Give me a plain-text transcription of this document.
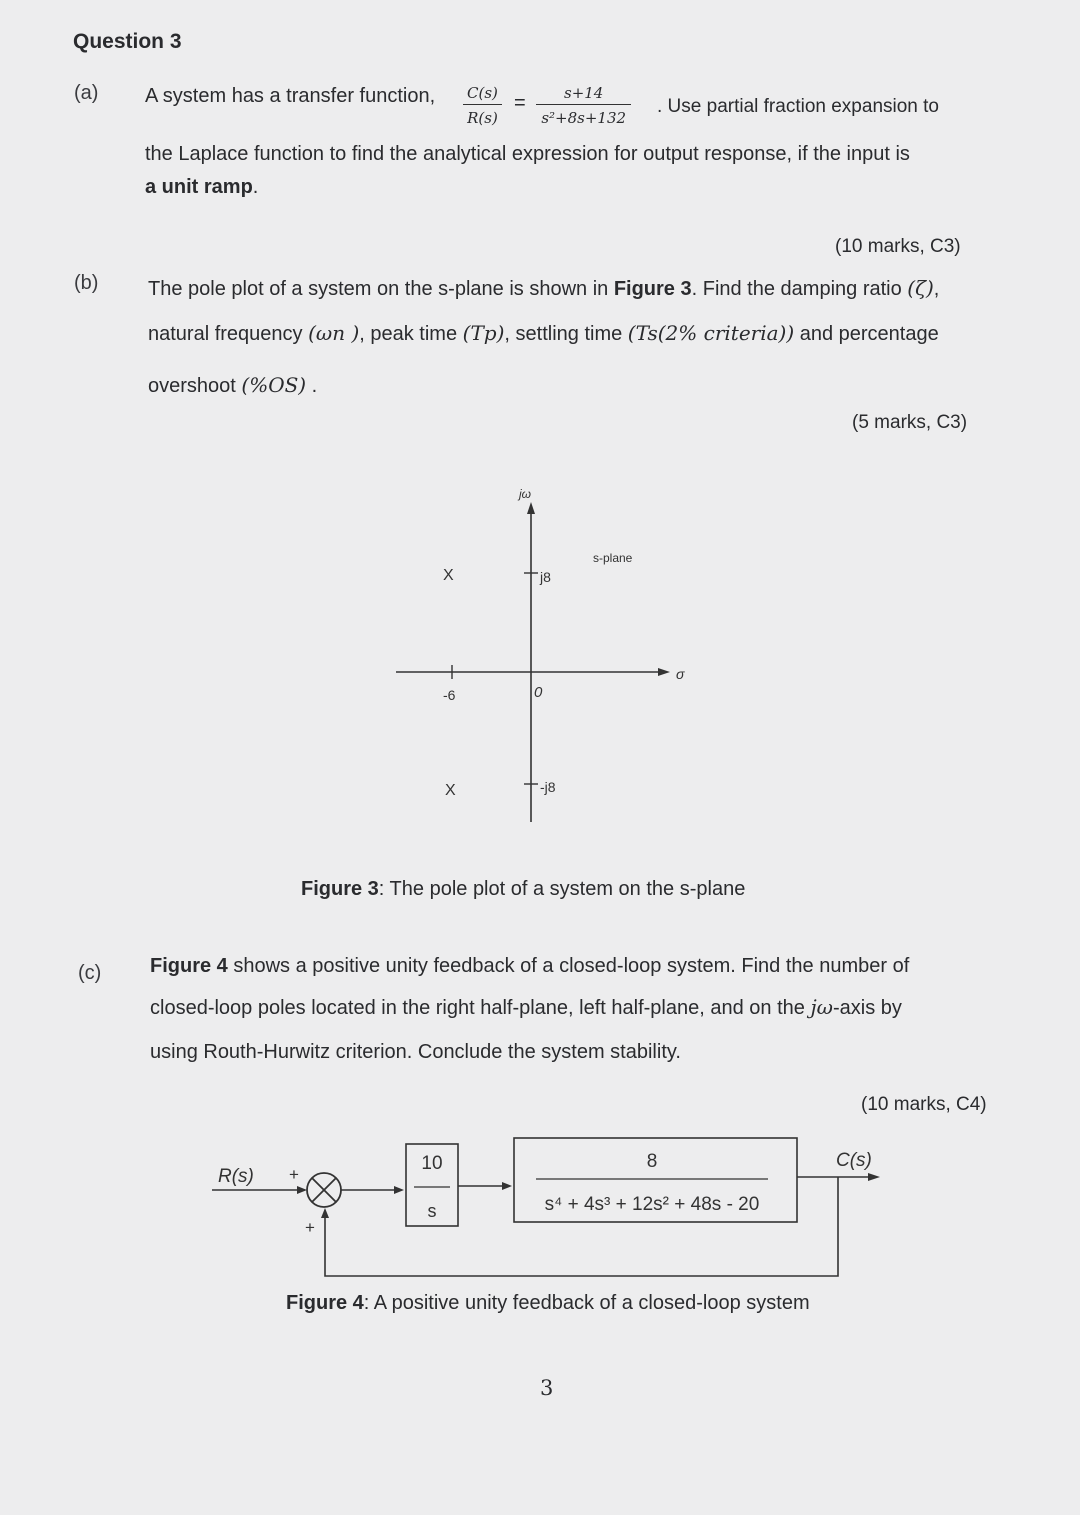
Question 3
(a) A system has a transfer function, $\frac{C(s)}{R(s)} = \frac{s+14}{\text{s²+8s+132}}$ . Use partial fraction expansion to
the Laplace function to find the analytical expression for output response, if the input is
a unit ramp.
(10 marks, C3)
(b) The pole plot of a system on the s-plane is shown in Figure 3. Find the damping ratio (ζ),
natural frequency (ωn ), peak time (Tp), settling time (Ts(2% criteria)) and percentage
overshoot (%OS) .
(5 marks, C3)
jω
σ
s-plane
j8
-j8
-6	0
X
X
Figure 3: The pole plot of a system on the s-plane
(c) Figure 4 shows a positive unity feedback of a closed-loop system. Find the number of
closed-loop poles located in the right half-plane, left half-plane, and on the jω-axis by
using Routh-Hurwitz criterion. Conclude the system stability.
(10 marks, C4)
R(s) +
+
10
s
8
s⁴ + 4s³ + 12s² + 48s - 20
C(s)
Figure 4: A positive unity feedback of a closed-loop system
3
